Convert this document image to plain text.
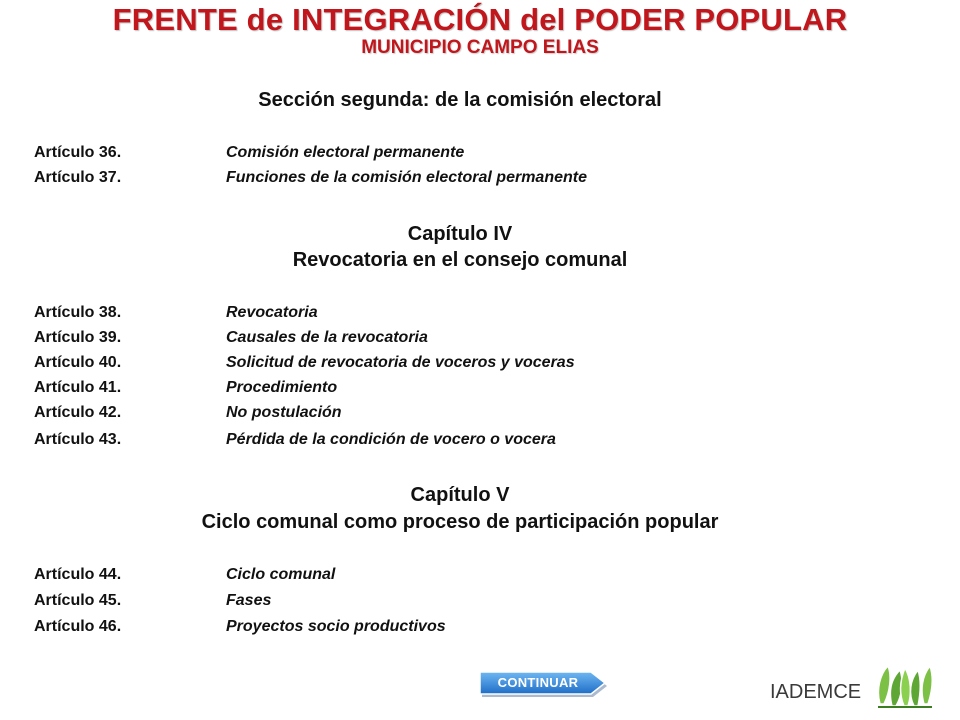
FRENTE de INTEGRACIÓN del PODER POPULAR
MUNICIPIO CAMPO ELIAS
Sección segunda: de la comisión electoral
Artículo 36.	Comisión electoral permanente
Artículo 37.	Funciones de la comisión electoral permanente
Capítulo IV
Revocatoria en el consejo comunal
Artículo 38.	Revocatoria
Artículo 39.	Causales de la revocatoria
Artículo 40.	Solicitud de revocatoria de voceros y voceras
Artículo 41.	Procedimiento
Artículo 42.	No postulación
Artículo 43.	Pérdida de la condición de vocero o vocera
Capítulo V
Ciclo comunal como proceso de participación popular
Artículo 44.	Ciclo comunal
Artículo 45.	Fases
Artículo 46.	Proyectos socio productivos
CONTINUAR	IADEMCE
